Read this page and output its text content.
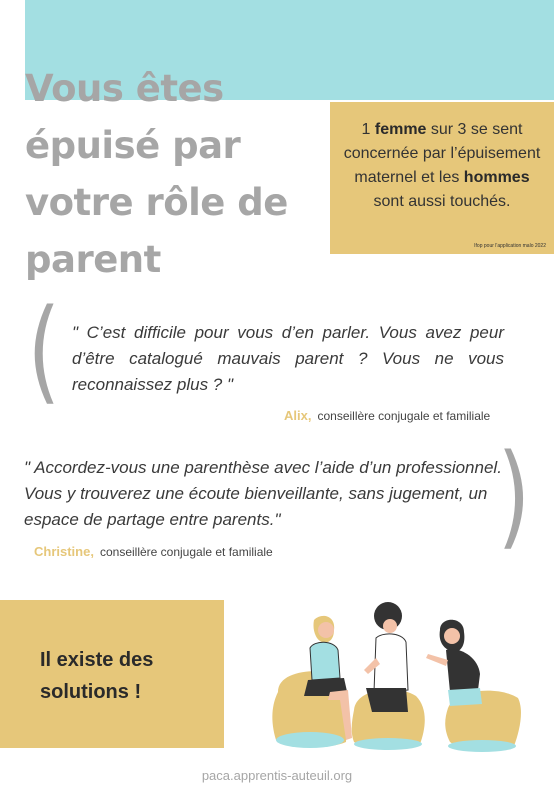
Vous êtes
épuisé par
votre rôle de
parent

1 femme sur 3 se sent concernée par l’épuisement maternel et les hommes sont aussi touchés.

Ifop pour l'application malo 2022
( " C’est difficile pour vous d’en parler. Vous avez peur d’être catalogué mauvais parent ? Vous ne vous reconnaissez plus ? "

Alix, conseillère conjugale et familiale

" Accordez-vous une parenthèse avec l’aide d’un professionnel. Vous y trouverez une écoute bienveillante, sans jugement, un espace de partage entre parents."	)
Christine, conseillère conjugale et familiale
Il existe des
solutions !
paca.apprentis-auteuil.org
